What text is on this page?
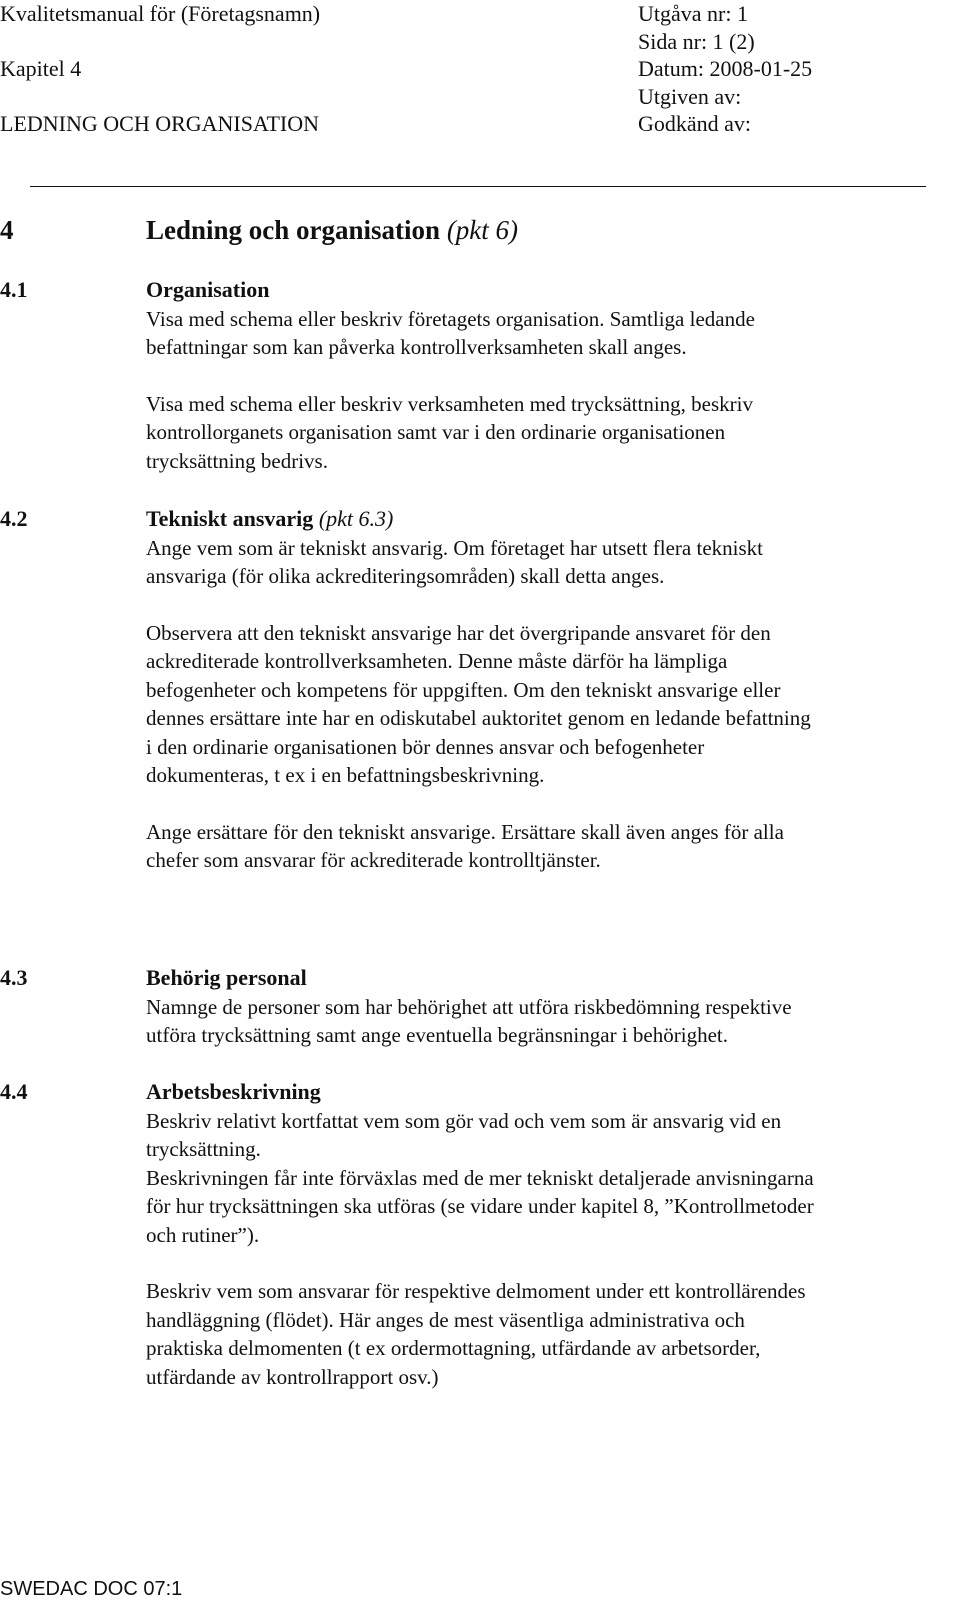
Kvalitetsmanual för (Företagsnamn)
Kapitel 4
LEDNING OCH ORGANISATION
Utgåva nr: 1
Sida nr: 1 (2)
Datum: 2008-01-25
Utgiven av:
Godkänd av:
4	Ledning och organisation (pkt 6)
4.1	Organisation

Visa med schema eller beskriv företagets organisation. Samtliga ledande
befattningar som kan påverka kontrollverksamheten skall anges.

Visa med schema eller beskriv verksamheten med trycksättning, beskriv
kontrollorganets organisation samt var i den ordinarie organisationen
trycksättning bedrivs.

4.2	Tekniskt ansvarig (pkt 6.3)

Ange vem som är tekniskt ansvarig. Om företaget har utsett flera tekniskt
ansvariga (för olika ackrediteringsområden) skall detta anges.

Observera att den tekniskt ansvarige har det övergripande ansvaret för den
ackrediterade kontrollverksamheten. Denne måste därför ha lämpliga
befogenheter och kompetens för uppgiften. Om den tekniskt ansvarige eller
dennes ersättare inte har en odiskutabel auktoritet genom en ledande befattning
i den ordinarie organisationen bör dennes ansvar och befogenheter
dokumenteras, t ex i en befattningsbeskrivning.

Ange ersättare för den tekniskt ansvarige. Ersättare skall även anges för alla
chefer som ansvarar för ackrediterade kontrolltjänster.

4.3	Behörig personal

Namnge de personer som har behörighet att utföra riskbedömning respektive
utföra trycksättning samt ange eventuella begränsningar i behörighet.

4.4	Arbetsbeskrivning

Beskriv relativt kortfattat vem som gör vad och vem som är ansvarig vid en
trycksättning.
Beskrivningen får inte förväxlas med de mer tekniskt detaljerade anvisningarna
för hur trycksättningen ska utföras (se vidare under kapitel 8, ”Kontrollmetoder
och rutiner”).

Beskriv vem som ansvarar för respektive delmoment under ett kontrollärendes
handläggning (flödet). Här anges de mest väsentliga administrativa och
praktiska delmomenten (t ex ordermottagning, utfärdande av arbetsorder,
utfärdande av kontrollrapport osv.)

SWEDAC DOC 07:1
